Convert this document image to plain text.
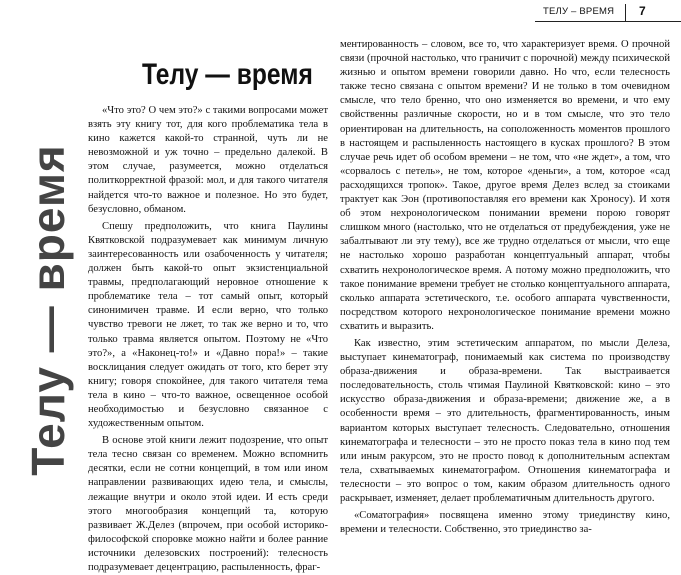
ТЕЛУ – ВРЕМЯ 7
Телу — время
Телу — время

«Что это? О чем это?» с такими вопросами может взять эту книгу тот, для кого проблематика тела в кино кажется какой-то странной, чуть ли не невозможной и уж точно – предельно далекой. В этом случае, разумеется, можно отделаться политкорректной фразой: мол, и для такого читателя найдется что-то важное и полезное. Но это будет, безусловно, обманом.

Спешу предположить, что книга Паулины Квятковской подразумевает как минимум личную заинтересованность или озабоченность у читателя; должен быть какой-то опыт экзистенциальной травмы, предполагающий неровное отношение к проблематике тела – тот самый опыт, который синонимичен травме. И если верно, что только чувство тревоги не лжет, то так же верно и то, что только травма является опытом. Поэтому не «Что это?», а «Наконец-то!» и «Давно пора!» – такие восклицания следует ожидать от того, кто берет эту книгу; говоря спокойнее, для такого читателя тема тела в кино – что-то важное, освещенное особой необходимостью и безусловно связанное с художественным опытом.

В основе этой книги лежит подозрение, что опыт тела тесно связан со временем. Можно вспомнить десятки, если не сотни концепций, в том или ином направлении развивающих идею тела, и смыслы, лежащие внутри и около этой идеи. И есть среди этого многообразия концепций та, которую развивает Ж.Делез (впрочем, при особой историко-философской споровке можно найти и более ранние источники делезовских построений): телесность подразумевает децентрацию, распыленность, фраг-

ментированность – словом, все то, что характеризует время. О прочной связи (прочной настолько, что граничит с порочной) между психической жизнью и опытом времени говорили давно. Но что, если телесность также тесно связана с опытом времени? И не только в том очевидном смысле, что тело бренно, что оно изменяется во времени, и что ему свойственны различные скорости, но и в том смысле, что это тело ориентирован на длительность, на соположенность моментов прошлого в настоящем и распыленность настоящего в кусках прошлого? В этом случае речь идет об особом времени – не том, что «не ждет», а том, что «сорвалось с петель», не том, которое «деньги», а том, которое «сад расходящихся тропок». Такое, другое время Делез вслед за стоиками трактует как Эон (противопоставляя его времени как Хроносу). И хотя об этом нехронологическом понимании времени порою говорят слишком много (настолько, что не отделаться от предубеждения, уже не забалтывают ли эту тему), все же трудно отделаться от мысли, что еще не настолько хорошо разработан концептуальный аппарат, чтобы схватить нехронологическое время. А потому можно предположить, что такое понимание времени требует не столько концептуального аппарата, сколько аппарата эстетического, т.е. особого аппарата чувственности, посредством которого нехронологическое понимание времени можно схватить и выразить.

Как известно, этим эстетическим аппаратом, по мысли Делеза, выступает кинематограф, понимаемый как система по производству образа-движения и образа-времени. Так выстраивается последовательность, столь чтимая Паулиной Квятковской: кино – это искусство образа-движения и образа-времени; движение же, а в особенности время – это длительность, фрагментированность, иным вариантом которых выступает телесность. Следовательно, отношения кинематографа и телесности – это не просто показ тела в кино под тем или иным ракурсом, это не просто повод к дополнительным аспектам тела, схватываемых кинематографом. Отношения кинематографа и телесности – это вопрос о том, каким образом длительность одного раскрывает, изменяет, делает проблематичным длительность другого.

«Соматография» посвящена именно этому триединству кино, времени и телесности. Собственно, это триединство за-
